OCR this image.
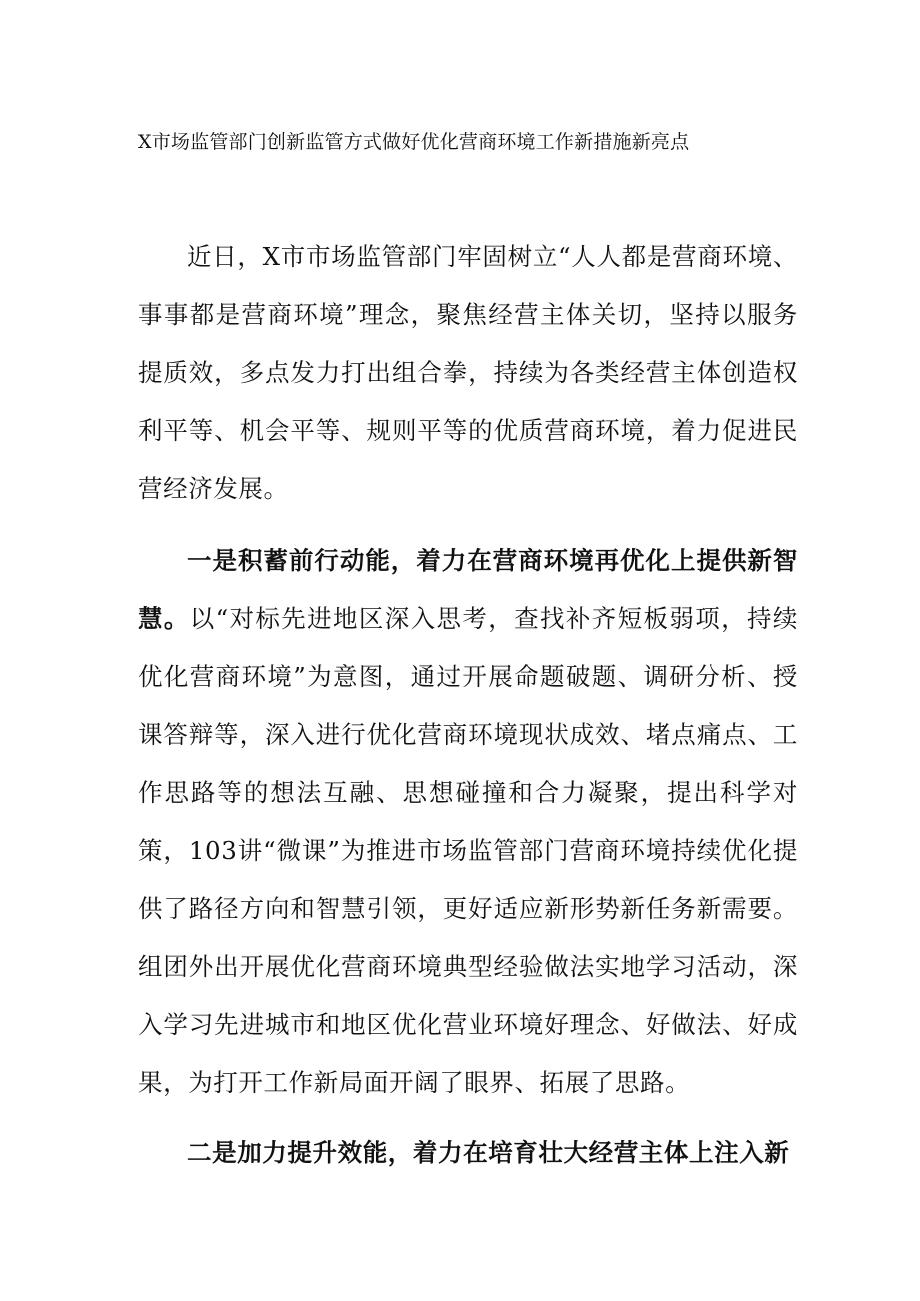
X市场监管部门创新监管方式做好优化营商环境工作新措施新亮点

近日，X市市场监管部门牢固树立“人人都是营商环境、事事都是营商环境”理念，聚焦经营主体关切，坚持以服务提质效，多点发力打出组合拳，持续为各类经营主体创造权利平等、机会平等、规则平等的优质营商环境，着力促进民营经济发展。

一是积蓄前行动能，着力在营商环境再优化上提供新智慧。以“对标先进地区深入思考，查找补齐短板弱项，持续优化营商环境”为意图，通过开展命题破题、调研分析、授课答辩等，深入进行优化营商环境现状成效、堵点痛点、工作思路等的想法互融、思想碰撞和合力凝聚，提出科学对策，103讲“微课”为推进市场监管部门营商环境持续优化提供了路径方向和智慧引领，更好适应新形势新任务新需要。组团外出开展优化营商环境典型经验做法实地学习活动，深入学习先进城市和地区优化营业环境好理念、好做法、好成果，为打开工作新局面开阔了眼界、拓展了思路。

二是加力提升效能，着力在培育壮大经营主体上注入新
